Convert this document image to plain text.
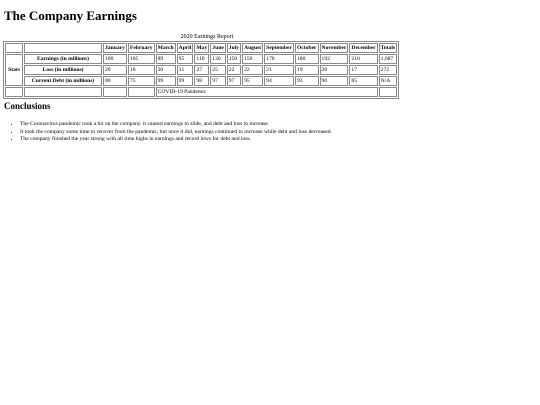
The Company Earnings
2020 Earnings Report
		January	February	March	April	May	June	July	August	September	October	November	December	Totals
Stats	Earnings (in millions)	100	105	89	95	110	130	150	156	170	180	192	210	1,687
	Loss (in millions)	20	18	30	31	27	25	22	22	21	19	20	17	272
	Current Debt (in millions)	80	75	99	99	98	97	97	95	94	93	90	85	N/A
				COVID-19 Pandemic										
Conclusions
• The Coronavirus pandemic took a hit on the company. it caused earnings to slide, and debt and loss to increase.
• It took the company some time to recover from the pandemic, but once it did, earnings continued to increase while debt and loss decreased.
• The company finished the year strong with all time highs in earnings and record lows for debt and loss.
